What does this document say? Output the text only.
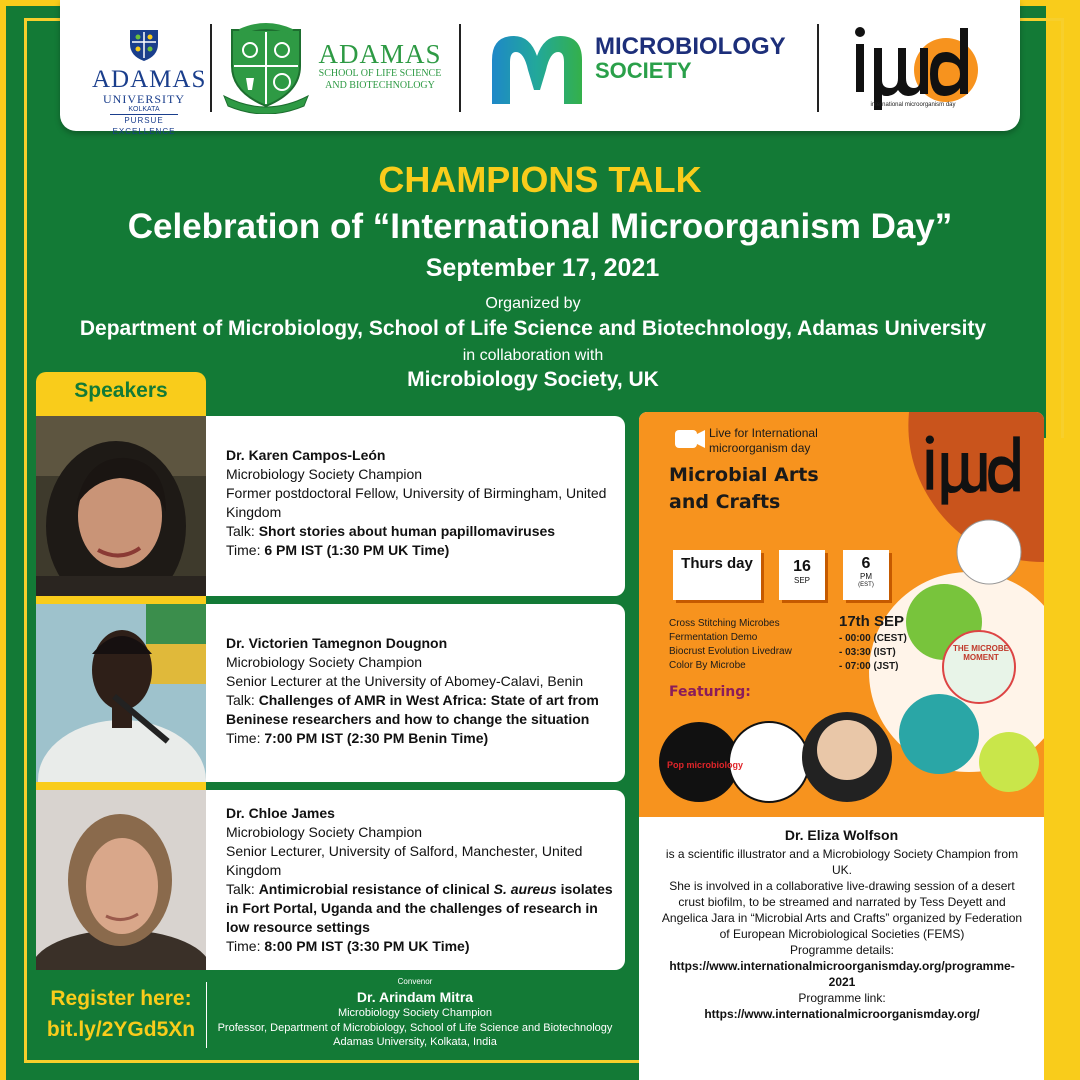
ADAMAS
UNIVERSITY
KOLKATA
PURSUE EXCELLENCE
ADAMAS
SCHOOL OF LIFE SCIENCE AND BIOTECHNOLOGY
MICROBIOLOGY
SOCIETY
international microorganism day
CHAMPIONS TALK
Celebration of “International Microorganism Day”
September 17, 2021
Organized by
Department of Microbiology, School of Life Science and Biotechnology, Adamas University
in collaboration with
Microbiology Society, UK
Speakers
Dr. Karen Campos-León
Microbiology Society Champion
Former postdoctoral Fellow, University of Birmingham, United Kingdom
Talk: Short stories about human papillomaviruses
Time: 6 PM IST (1:30 PM UK Time)
Dr. Victorien Tamegnon Dougnon
Microbiology Society Champion
Senior Lecturer at the University of Abomey-Calavi, Benin
Talk: Challenges of AMR in West Africa: State of art from Beninese researchers and how to change the situation
Time: 7:00 PM IST (2:30 PM Benin Time)
Dr. Chloe James
Microbiology Society Champion
Senior Lecturer, University of Salford, Manchester, United Kingdom
Talk: Antimicrobial resistance of clinical S. aureus isolates in Fort Portal, Uganda and the challenges of research in low resource settings
Time: 8:00 PM IST (3:30 PM UK Time)
Register here:
bit.ly/2YGd5Xn
Convenor
Dr. Arindam Mitra
Microbiology Society Champion
Professor, Department of Microbiology, School of Life Science and Biotechnology
Adamas University, Kolkata, India
Live for International microorganism day
Microbial Arts and Crafts
Thurs day	16
SEP
6
PM
(EST)
Cross Stitching Microbes
Fermentation Demo
Biocrust Evolution Livedraw
Color By Microbe
17th SEP
- 00:00 (CEST)
- 03:30 (IST)
- 07:00 (JST)
Featuring:
Pop microbiology
THE MICROBE MOMENT
Dr. Eliza Wolfson
is a scientific illustrator and a Microbiology Society Champion from UK.
She is involved in a collaborative live-drawing session of a desert crust biofilm, to be streamed and narrated by Tess Deyett and Angelica Jara in “Microbial Arts and Crafts” organized by Federation of European Microbiological Societies (FEMS)
Programme details:
https://www.internationalmicroorganismday.org/programme-2021
Programme link:
https://www.internationalmicroorganismday.org/
